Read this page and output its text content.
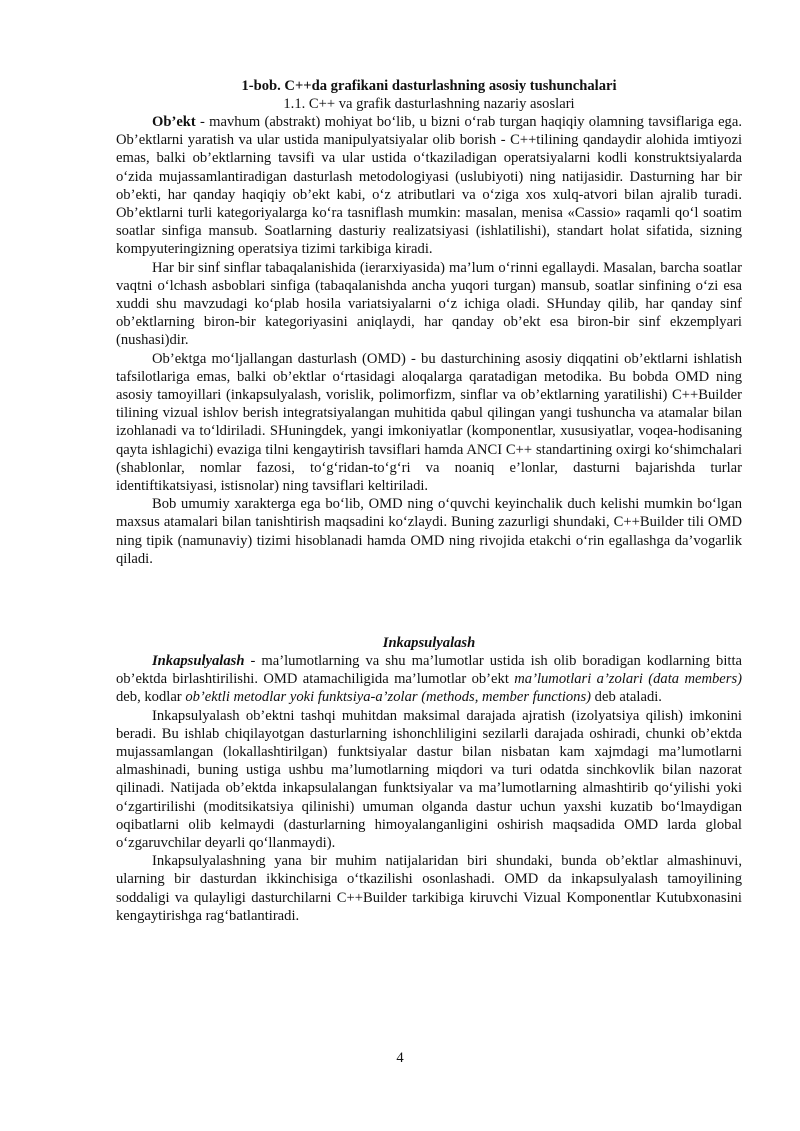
1-bob. C++da grafikani dasturlashning asosiy tushunchalari
1.1. C++ va grafik dasturlashning nazariy asoslari

Ob’ekt - mavhum (abstrakt) mohiyat bo‘lib, u bizni o‘rab turgan haqiqiy olamning tavsiflariga ega. Ob’ektlarni yaratish va ular ustida manipulyatsiyalar olib borish - C++tilining qandaydir alohida imtiyozi emas, balki ob’ektlarning tavsifi va ular ustida o‘tkaziladigan operatsiyalarni kodli konstruktsiyalarda o‘zida mujassamlantiradigan dasturlash metodologiyasi (uslubiyoti) ning natijasidir. Dasturning har bir ob’ekti, har qanday haqiqiy ob’ekt kabi, o‘z atributlari va o‘ziga xos xulq-atvori bilan ajralib turadi. Ob’ektlarni turli kategoriyalarga ko‘ra tasniflash mumkin: masalan, menisa «Cassio» raqamli qo‘l soatim soatlar sinfiga mansub. Soatlarning dasturiy realizatsiyasi (ishlatilishi), standart holat sifatida, sizning kompyuteringizning operatsiya tizimi tarkibiga kiradi.

Har bir sinf sinflar tabaqalanishida (ierarxiyasida) ma’lum o‘rinni egallaydi. Masalan, barcha soatlar vaqtni o‘lchash asboblari sinfiga (tabaqalanishda ancha yuqori turgan) mansub, soatlar sinfining o‘zi esa xuddi shu mavzudagi ko‘plab hosila variatsiyalarni o‘z ichiga oladi. SHunday qilib, har qanday sinf ob’ektlarning biron-bir kategoriyasini aniqlaydi, har qanday ob’ekt esa biron-bir sinf ekzemplyari (nushasi)dir.

Ob’ektga mo‘ljallangan dasturlash (OMD) - bu dasturchining asosiy diqqatini ob’ektlarni ishlatish tafsilotlariga emas, balki ob’ektlar o‘rtasidagi aloqalarga qaratadigan metodika. Bu bobda OMD ning asosiy tamoyillari (inkapsulyalash, vorislik, polimorfizm, sinflar va ob’ektlarning yaratilishi) C++Builder tilining vizual ishlov berish integratsiyalangan muhitida qabul qilingan yangi tushuncha va atamalar bilan izohlanadi va to‘ldiriladi. SHuningdek, yangi imkoniyatlar (komponentlar, xususiyatlar, voqea-hodisaning qayta ishlagichi) evaziga tilni kengaytirish tavsiflari hamda ANCI C++ standartining oxirgi ko‘shimchalari (shablonlar, nomlar fazosi, to‘g‘ridan-to‘g‘ri va noaniq e’lonlar, dasturni bajarishda turlar identiftikatsiyasi, istisnolar) ning tavsiflari keltiriladi.

Bob umumiy xarakterga ega bo‘lib, OMD ning o‘quvchi keyinchalik duch kelishi mumkin bo‘lgan maxsus atamalari bilan tanishtirish maqsadini ko‘zlaydi. Buning zazurligi shundaki, C++Builder tili OMD ning tipik (namunaviy) tizimi hisoblanadi hamda OMD ning rivojida etakchi o‘rin egallashga da’vogarlik qiladi.

Inkapsulyalash

Inkapsulyalash - ma’lumotlarning va shu ma’lumotlar ustida ish olib boradigan kodlarning bitta ob’ektda birlashtirilishi. OMD atamachiligida ma’lumotlar ob’ekt ma’lumotlari a’zolari (data members) deb, kodlar ob’ektli metodlar yoki funktsiya-a’zolar (methods, member functions) deb ataladi.

Inkapsulyalash ob’ektni tashqi muhitdan maksimal darajada ajratish (izolyatsiya qilish) imkonini beradi. Bu ishlab chiqilayotgan dasturlarning ishonchliligini sezilarli darajada oshiradi, chunki ob’ektda mujassamlangan (lokallashtirilgan) funktsiyalar dastur bilan nisbatan kam xajmdagi ma’lumotlarni almashinadi, buning ustiga ushbu ma’lumotlarning miqdori va turi odatda sinchkovlik bilan nazorat qilinadi. Natijada ob’ektda inkapsulalangan funktsiyalar va ma’lumotlarning almashtirib qo‘yilishi yoki o‘zgartirilishi (moditsikatsiya qilinishi) umuman olganda dastur uchun yaxshi kuzatib bo‘lmaydigan oqibatlarni olib kelmaydi (dasturlarning himoyalanganligini oshirish maqsadida OMD larda global o‘zgaruvchilar deyarli qo‘llanmaydi).

Inkapsulyalashning yana bir muhim natijalaridan biri shundaki, bunda ob’ektlar almashinuvi, ularning bir dasturdan ikkinchisiga o‘tkazilishi osonlashadi. OMD da inkapsulyalash tamoyilining soddaligi va qulayligi dasturchilarni C++Builder tarkibiga kiruvchi Vizual Komponentlar Kutubxonasini kengaytirishga rag‘batlantiradi.

4
